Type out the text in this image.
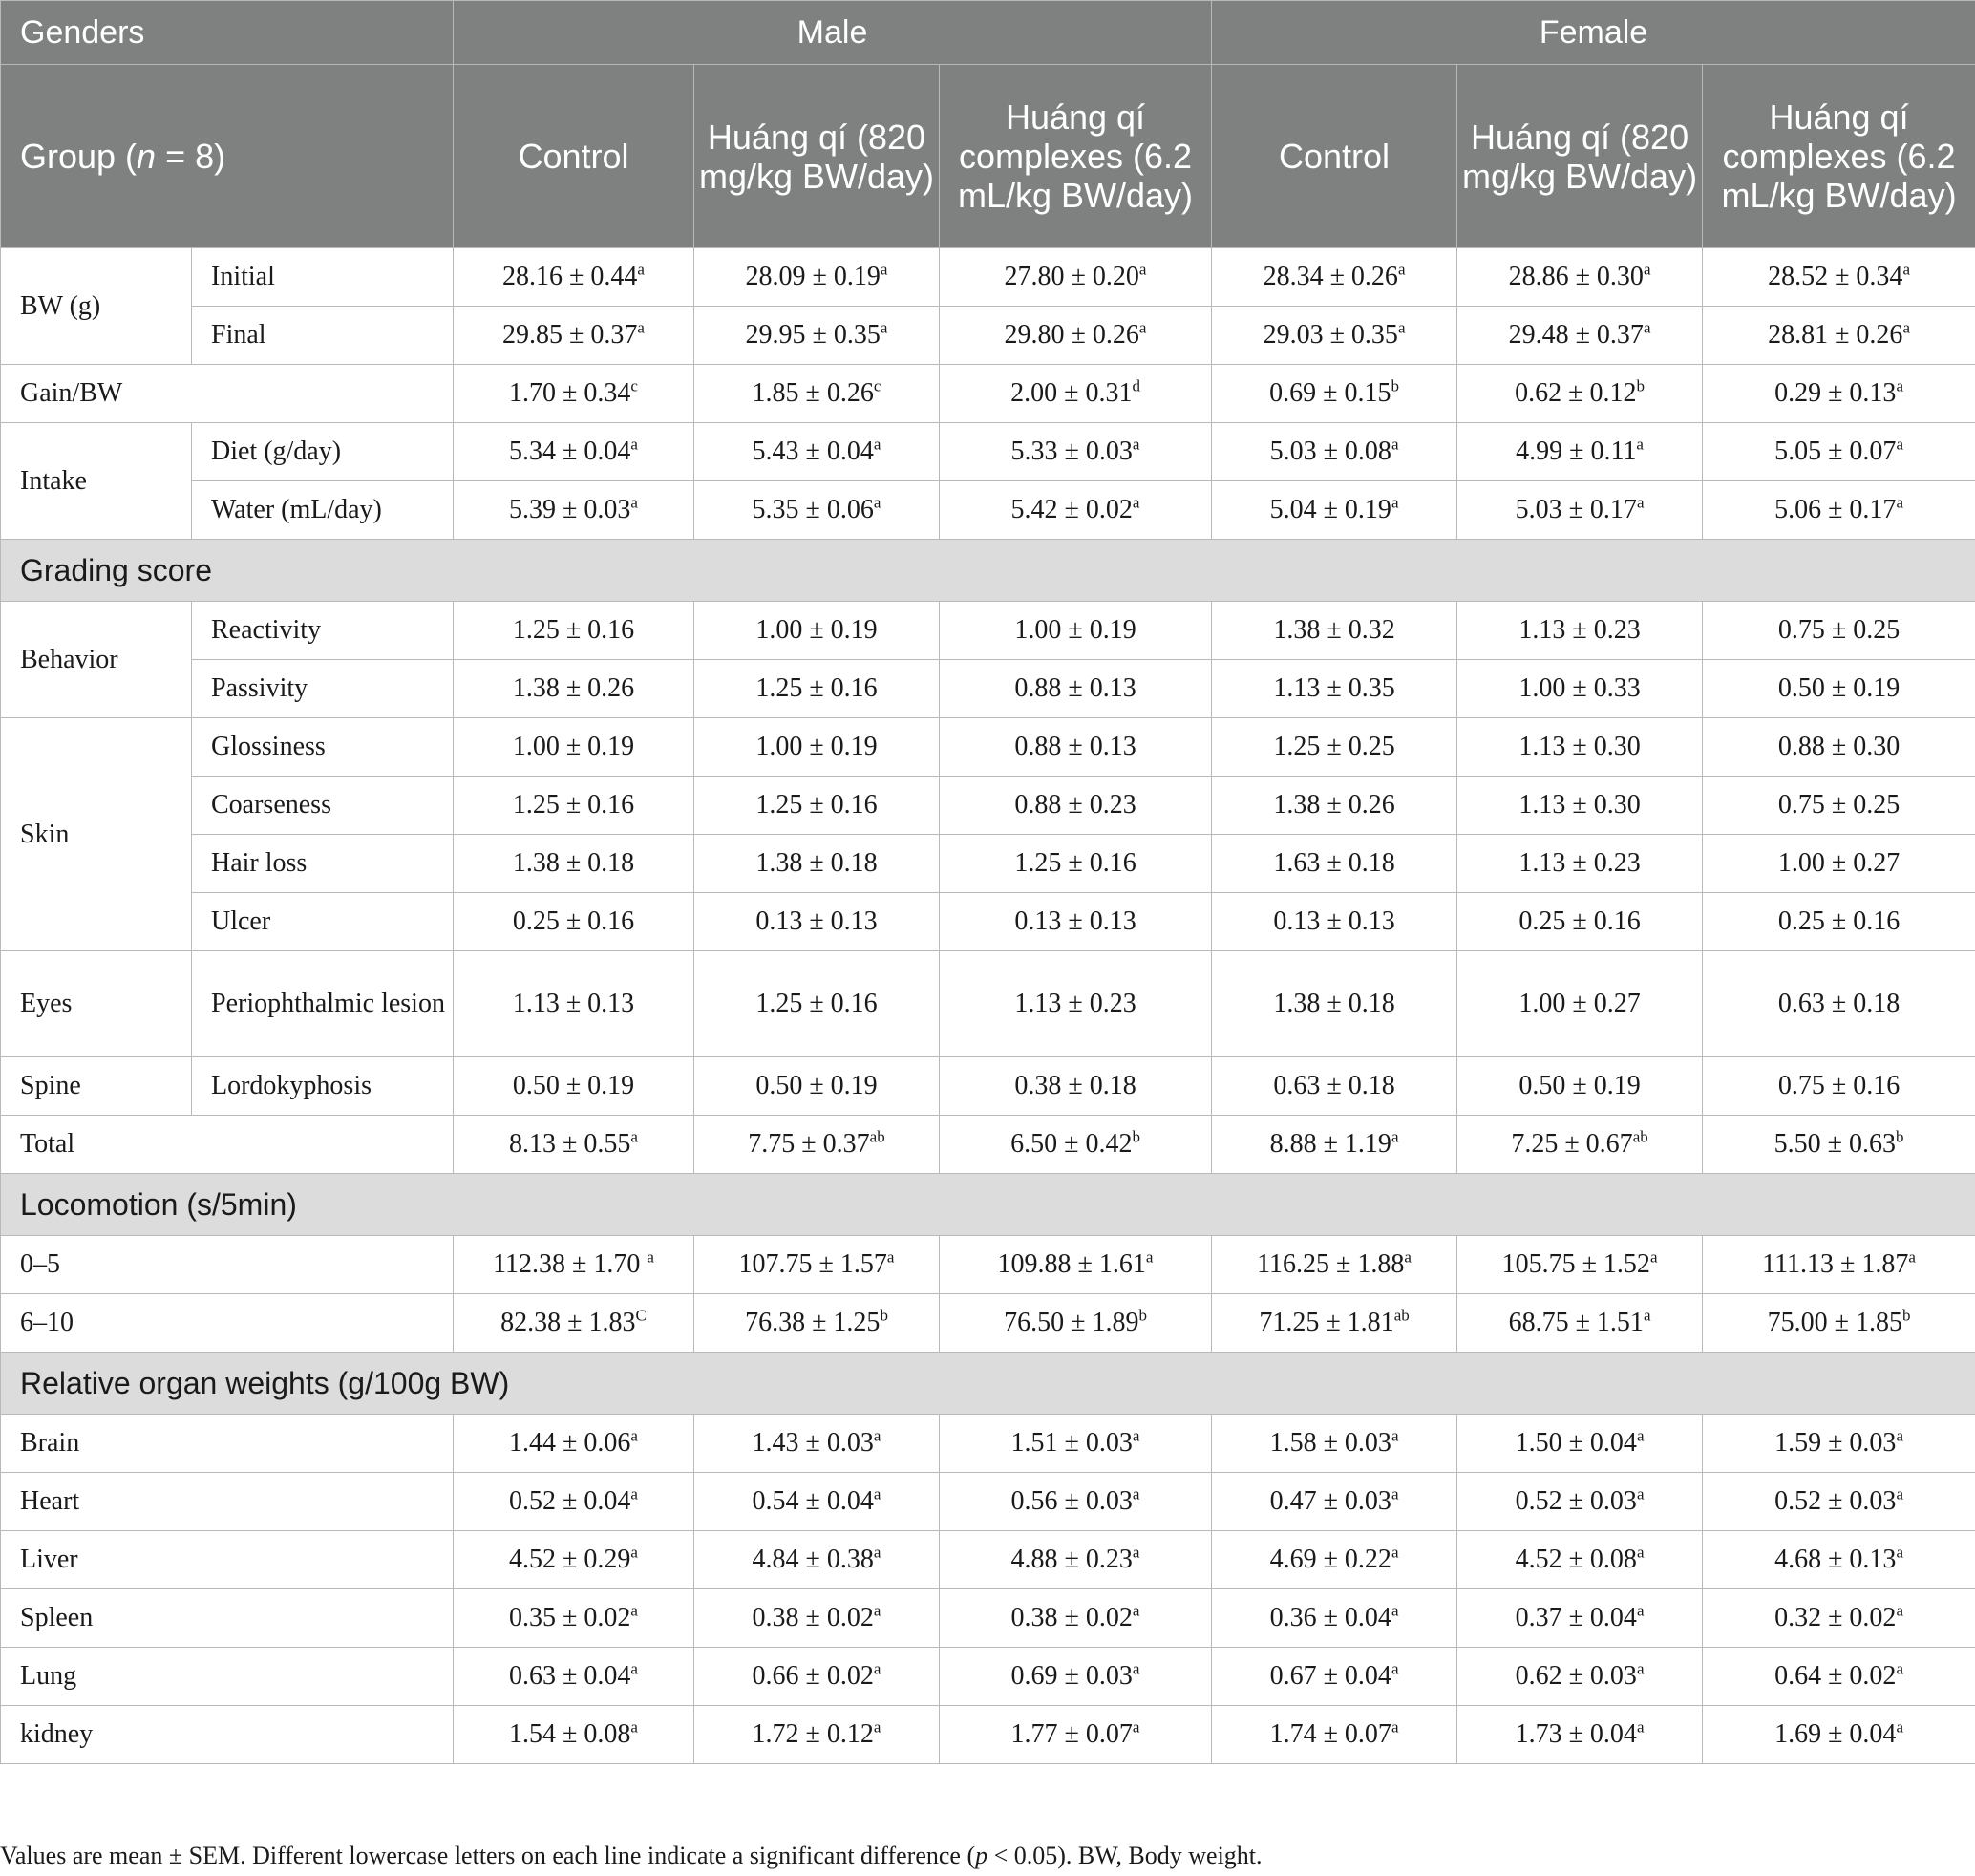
Genders		Male			Female		
Group (n = 8)		Control	Huáng qí (820 mg/kg BW/day)	Huáng qí complexes (6.2 mL/kg BW/day)	Control	Huáng qí (820 mg/kg BW/day)	Huáng qí complexes (6.2 mL/kg BW/day)
BW (g)	Initial	28.16 ± 0.44$^a$	28.09 ± 0.19$^a$	27.80 ± 0.20$^a$	28.34 ± 0.26$^a$	28.86 ± 0.30$^a$	28.52 ± 0.34$^a$
	Final	29.85 ± 0.37$^a$	29.95 ± 0.35$^a$	29.80 ± 0.26$^a$	29.03 ± 0.35$^a$	29.48 ± 0.37$^a$	28.81 ± 0.26$^a$
Gain/BW		1.70 ± 0.34$^c$	1.85 ± 0.26$^c$	2.00 ± 0.31$^d$	0.69 ± 0.15$^b$	0.62 ± 0.12$^b$	0.29 ± 0.13$^a$
Intake	Diet (g/day)	5.34 ± 0.04$^a$	5.43 ± 0.04$^a$	5.33 ± 0.03$^a$	5.03 ± 0.08$^a$	4.99 ± 0.11$^a$	5.05 ± 0.07$^a$
	Water (mL/day)	5.39 ± 0.03$^a$	5.35 ± 0.06$^a$	5.42 ± 0.02$^a$	5.04 ± 0.19$^a$	5.03 ± 0.17$^a$	5.06 ± 0.17$^a$
Grading score							
Behavior	Reactivity	1.25 ± 0.16	1.00 ± 0.19	1.00 ± 0.19	1.38 ± 0.32	1.13 ± 0.23	0.75 ± 0.25
	Passivity	1.38 ± 0.26	1.25 ± 0.16	0.88 ± 0.13	1.13 ± 0.35	1.00 ± 0.33	0.50 ± 0.19
Skin	Glossiness	1.00 ± 0.19	1.00 ± 0.19	0.88 ± 0.13	1.25 ± 0.25	1.13 ± 0.30	0.88 ± 0.30
	Coarseness	1.25 ± 0.16	1.25 ± 0.16	0.88 ± 0.23	1.38 ± 0.26	1.13 ± 0.30	0.75 ± 0.25
	Hair loss	1.38 ± 0.18	1.38 ± 0.18	1.25 ± 0.16	1.63 ± 0.18	1.13 ± 0.23	1.00 ± 0.27
	Ulcer	0.25 ± 0.16	0.13 ± 0.13	0.13 ± 0.13	0.13 ± 0.13	0.25 ± 0.16	0.25 ± 0.16
Eyes	Periophthalmic lesion	1.13 ± 0.13	1.25 ± 0.16	1.13 ± 0.23	1.38 ± 0.18	1.00 ± 0.27	0.63 ± 0.18
Spine	Lordokyphosis	0.50 ± 0.19	0.50 ± 0.19	0.38 ± 0.18	0.63 ± 0.18	0.50 ± 0.19	0.75 ± 0.16
Total		8.13 ± 0.55$^a$	7.75 ± 0.37$^{ab}$	6.50 ± 0.42$^b$	8.88 ± 1.19$^a$	7.25 ± 0.67$^{ab}$	5.50 ± 0.63$^b$
Locomotion (s/5min)							
0–5		112.38 ± 1.70 $^a$	107.75 ± 1.57$^a$	109.88 ± 1.61$^a$	116.25 ± 1.88$^a$	105.75 ± 1.52$^a$	111.13 ± 1.87$^a$
6–10		$82.38 \pm 1.83^C$	76.38 ± 1.25$^b$	76.50 ± 1.89$^b$	71.25 ± 1.81$^{ab}$	68.75 ± 1.51$^a$	75.00 ± 1.85$^b$
Relative organ weights (g/100g BW)							
Brain		1.44 ± 0.06$^a$	1.43 ± 0.03$^a$	1.51 ± 0.03$^a$	1.58 ± 0.03$^a$	1.50 ± 0.04$^a$	1.59 ± 0.03$^a$
Heart		0.52 ± 0.04$^a$	0.54 ± 0.04$^a$	0.56 ± 0.03$^a$	0.47 ± 0.03$^a$	0.52 ± 0.03$^a$	0.52 ± 0.03$^a$
Liver		4.52 ± 0.29$^a$	4.84 ± 0.38$^a$	4.88 ± 0.23$^a$	4.69 ± 0.22$^a$	4.52 ± 0.08$^a$	4.68 ± 0.13$^a$
Spleen		0.35 ± 0.02$^a$	0.38 ± 0.02$^a$	0.38 ± 0.02$^a$	0.36 ± 0.04$^a$	0.37 ± 0.04$^a$	0.32 ± 0.02$^a$
Lung		0.63 ± 0.04$^a$	0.66 ± 0.02$^a$	0.69 ± 0.03$^a$	0.67 ± 0.04$^a$	0.62 ± 0.03$^a$	0.64 ± 0.02$^a$
kidney		1.54 ± 0.08$^a$	1.72 ± 0.12$^a$	1.77 ± 0.07$^a$	1.74 ± 0.07$^a$	1.73 ± 0.04$^a$	1.69 ± 0.04$^a$
Values are mean ± SEM. Different lowercase letters on each line indicate a significant difference (p < 0.05). BW, Body weight.
